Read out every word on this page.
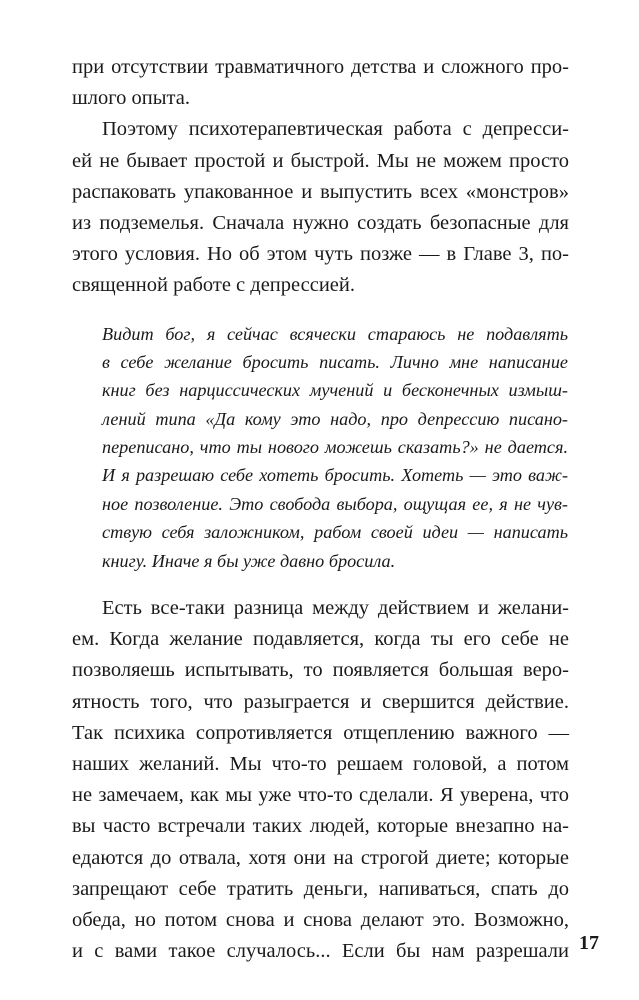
при отсутствии травматичного детства и сложного про-
шлого опыта.
Поэтому психотерапевтическая работа с депресси-
ей не бывает простой и быстрой. Мы не можем просто
распаковать упакованное и выпустить всех «монстров»
из подземелья. Сначала нужно создать безопасные для
этого условия. Но об этом чуть позже — в Главе 3, по-
священной работе с депрессией.
Видит бог, я сейчас всячески стараюсь не подавлять
в себе желание бросить писать. Лично мне написание
книг без нарциссических мучений и бесконечных измыш-
лений типа «Да кому это надо, про депрессию писано-
переписано, что ты нового можешь сказать?» не дается.
И я разрешаю себе хотеть бросить. Хотеть — это важ-
ное позволение. Это свобода выбора, ощущая ее, я не чув-
ствую себя заложником, рабом своей идеи — написать
книгу. Иначе я бы уже давно бросила.
Есть все-таки разница между действием и желани-
ем. Когда желание подавляется, когда ты его себе не
позволяешь испытывать, то появляется большая веро-
ятность того, что разыграется и свершится действие.
Так психика сопротивляется отщеплению важного —
наших желаний. Мы что-то решаем головой, а потом
не замечаем, как мы уже что-то сделали. Я уверена, что
вы часто встречали таких людей, которые внезапно на-
едаются до отвала, хотя они на строгой диете; которые
запрещают себе тратить деньги, напиваться, спать до
обеда, но потом снова и снова делают это. Возможно,
и с вами такое случалось... Если бы нам разрешали 17
